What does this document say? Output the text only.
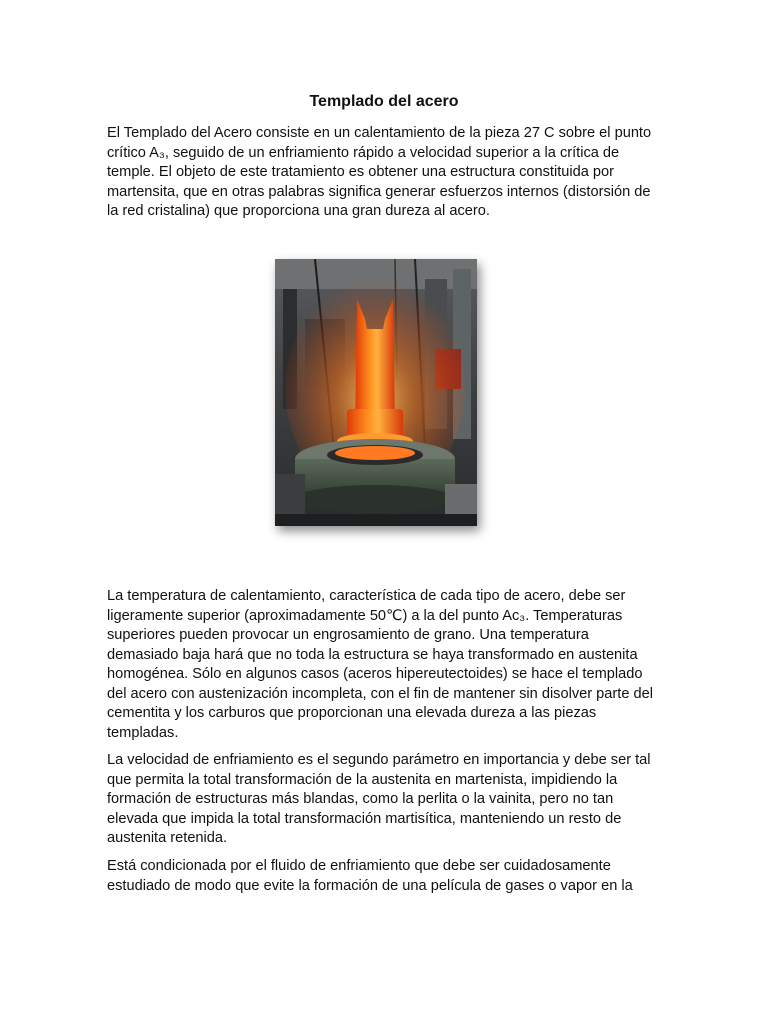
Templado del acero

El Templado del Acero consiste en un calentamiento de la pieza 27 C sobre el punto crítico A₃, seguido de un enfriamiento rápido a velocidad superior a la crítica de temple. El objeto de este tratamiento es obtener una estructura constituida por martensita, que en otras palabras significa generar esfuerzos internos (distorsión de la red cristalina) que proporciona una gran dureza al acero.

La temperatura de calentamiento, característica de cada tipo de acero, debe ser ligeramente superior (aproximadamente 50℃) a la del punto Ac₃. Temperaturas superiores pueden provocar un engrosamiento de grano. Una temperatura demasiado baja hará que no toda la estructura se haya transformado en austenita homogénea. Sólo en algunos casos (aceros hipereutectoides) se hace el templado del acero con austenización incompleta, con el fin de mantener sin disolver parte del cementita y los carburos que proporcionan una elevada dureza a las piezas templadas.

La velocidad de enfriamiento es el segundo parámetro en importancia y debe ser tal que permita la total transformación de la austenita en martenista, impidiendo la formación de estructuras más blandas, como la perlita o la vainita, pero no tan elevada que impida la total transformación martisítica, manteniendo un resto de austenita retenida.

Está condicionada por el fluido de enfriamiento que debe ser cuidadosamente estudiado de modo que evite la formación de una película de gases o vapor en la
